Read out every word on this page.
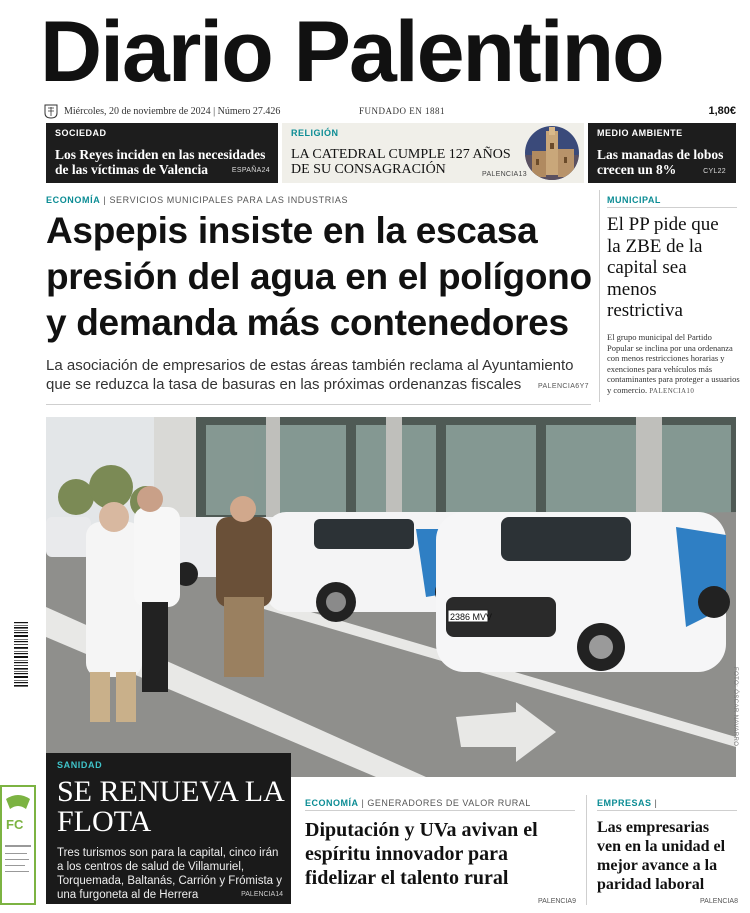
Diario Palentino
Miércoles, 20 de noviembre de 2024 | Número 27.426	FUNDADO EN 1881	1,80€
SOCIEDAD
Los Reyes inciden en las necesidades de las víctimas de Valencia	ESPAÑA24
RELIGIÓN
LA CATEDRAL CUMPLE 127 AÑOS DE SU CONSAGRACIÓN	PALENCIA13
MEDIO AMBIENTE
Las manadas de lobos crecen un 8%	CYL22
ECONOMÍA | SERVICIOS MUNICIPALES PARA LAS INDUSTRIAS
Aspepis insiste en la escasa presión del agua en el polígono y demanda más contenedores
La asociación de empresarios de estas áreas también reclama al Ayuntamiento que se reduzca la tasa de basuras en las próximas ordenanzas fiscales	PALENCIA6Y7
MUNICIPAL
El PP pide que la ZBE de la capital sea menos restrictiva
El grupo municipal del Partido Popular se inclina por una ordenanza con menos restricciones horarias y exenciones para vehículos más contaminantes para proteger a usuarios y comercio. PALENCIA10
2386 MVV
FOTO: ÓSCAR NAVARRO
FC
SANIDAD
SE RENUEVA LA FLOTA
Tres turismos son para la capital, cinco irán a los centros de salud de Villamuriel, Torquemada, Baltanás, Carrión y Frómista y una furgoneta al de Herrera	PALENCIA14
ECONOMÍA | GENERADORES DE VALOR RURAL
Diputación y UVa avivan el espíritu innovador para fidelizar el talento rural
PALENCIA9
EMPRESAS |
Las empresarias ven en la unidad el mejor avance a la paridad laboral
PALENCIA8
